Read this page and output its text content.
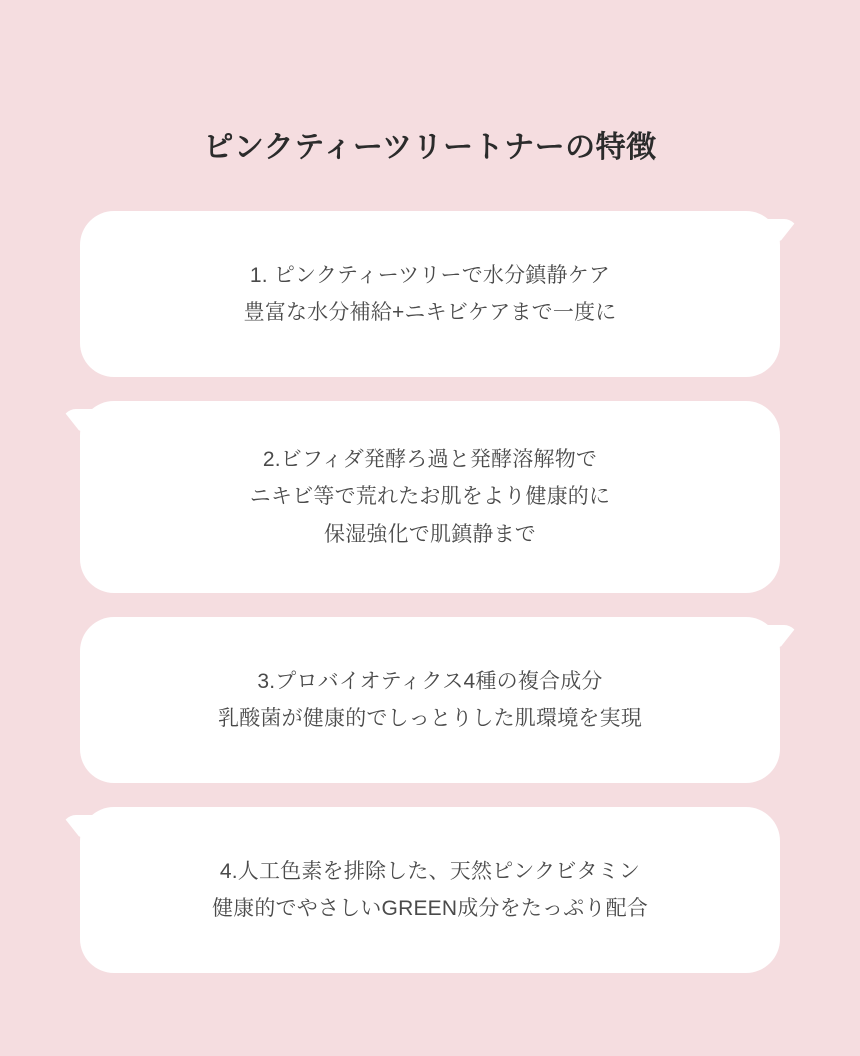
ピンクティーツリートナーの特徴
1. ピンクティーツリーで水分鎮静ケア
豊富な水分補給+ニキビケアまで一度に
2.ビフィダ発酵ろ過と発酵溶解物で
ニキビ等で荒れたお肌をより健康的に
保湿強化で肌鎮静まで
3.プロバイオティクス4種の複合成分
乳酸菌が健康的でしっとりした肌環境を実現
4.人工色素を排除した、天然ピンクビタミン
健康的でやさしいGREEN成分をたっぷり配合
